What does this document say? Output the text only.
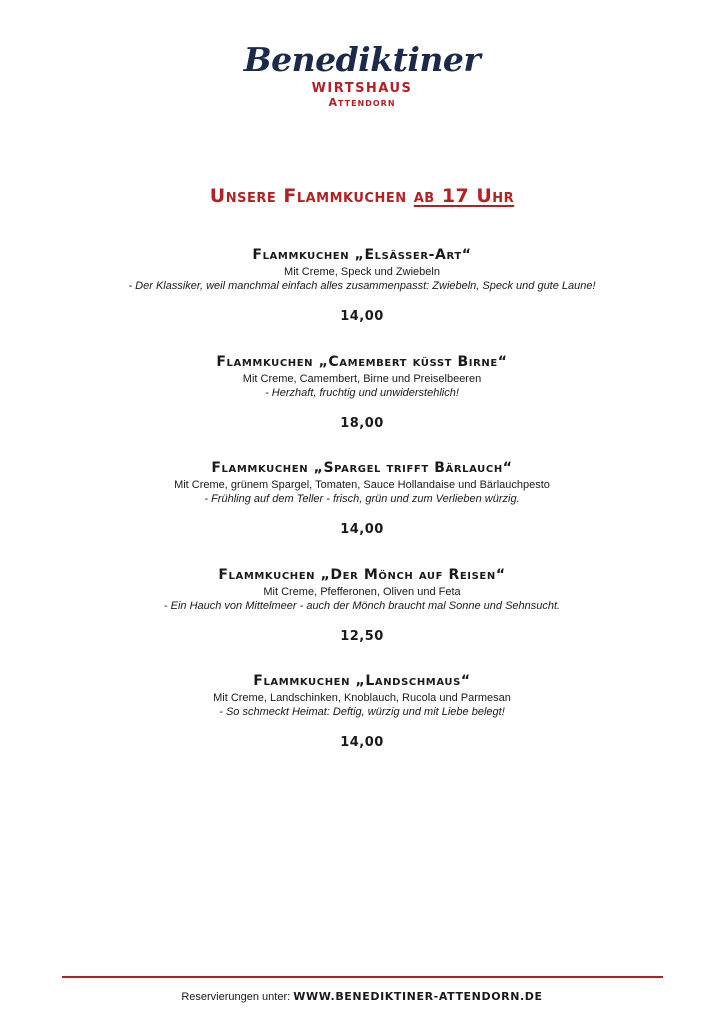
Benediktiner
WIRTSHAUS
Attendorn
Unsere Flammkuchen ab 17 Uhr
Flammkuchen „Elsässer-Art“
Mit Creme, Speck und Zwiebeln
- Der Klassiker, weil manchmal einfach alles zusammenpasst: Zwiebeln, Speck und gute Laune!
14,00
Flammkuchen „Camembert küsst Birne“
Mit Creme, Camembert, Birne und Preiselbeeren
- Herzhaft, fruchtig und unwiderstehlich!
18,00
Flammkuchen „Spargel trifft Bärlauch“
Mit Creme, grünem Spargel, Tomaten, Sauce Hollandaise und Bärlauchpesto
- Frühling auf dem Teller - frisch, grün und zum Verlieben würzig.
14,00
Flammkuchen „Der Mönch auf Reisen“
Mit Creme, Pfefferonen, Oliven und Feta
- Ein Hauch von Mittelmeer - auch der Mönch braucht mal Sonne und Sehnsucht.
12,50
Flammkuchen „Landschmaus“
Mit Creme, Landschinken, Knoblauch, Rucola und Parmesan
- So schmeckt Heimat: Deftig, würzig und mit Liebe belegt!
14,00
Reservierungen unter: WWW.BENEDIKTINER-ATTENDORN.DE
